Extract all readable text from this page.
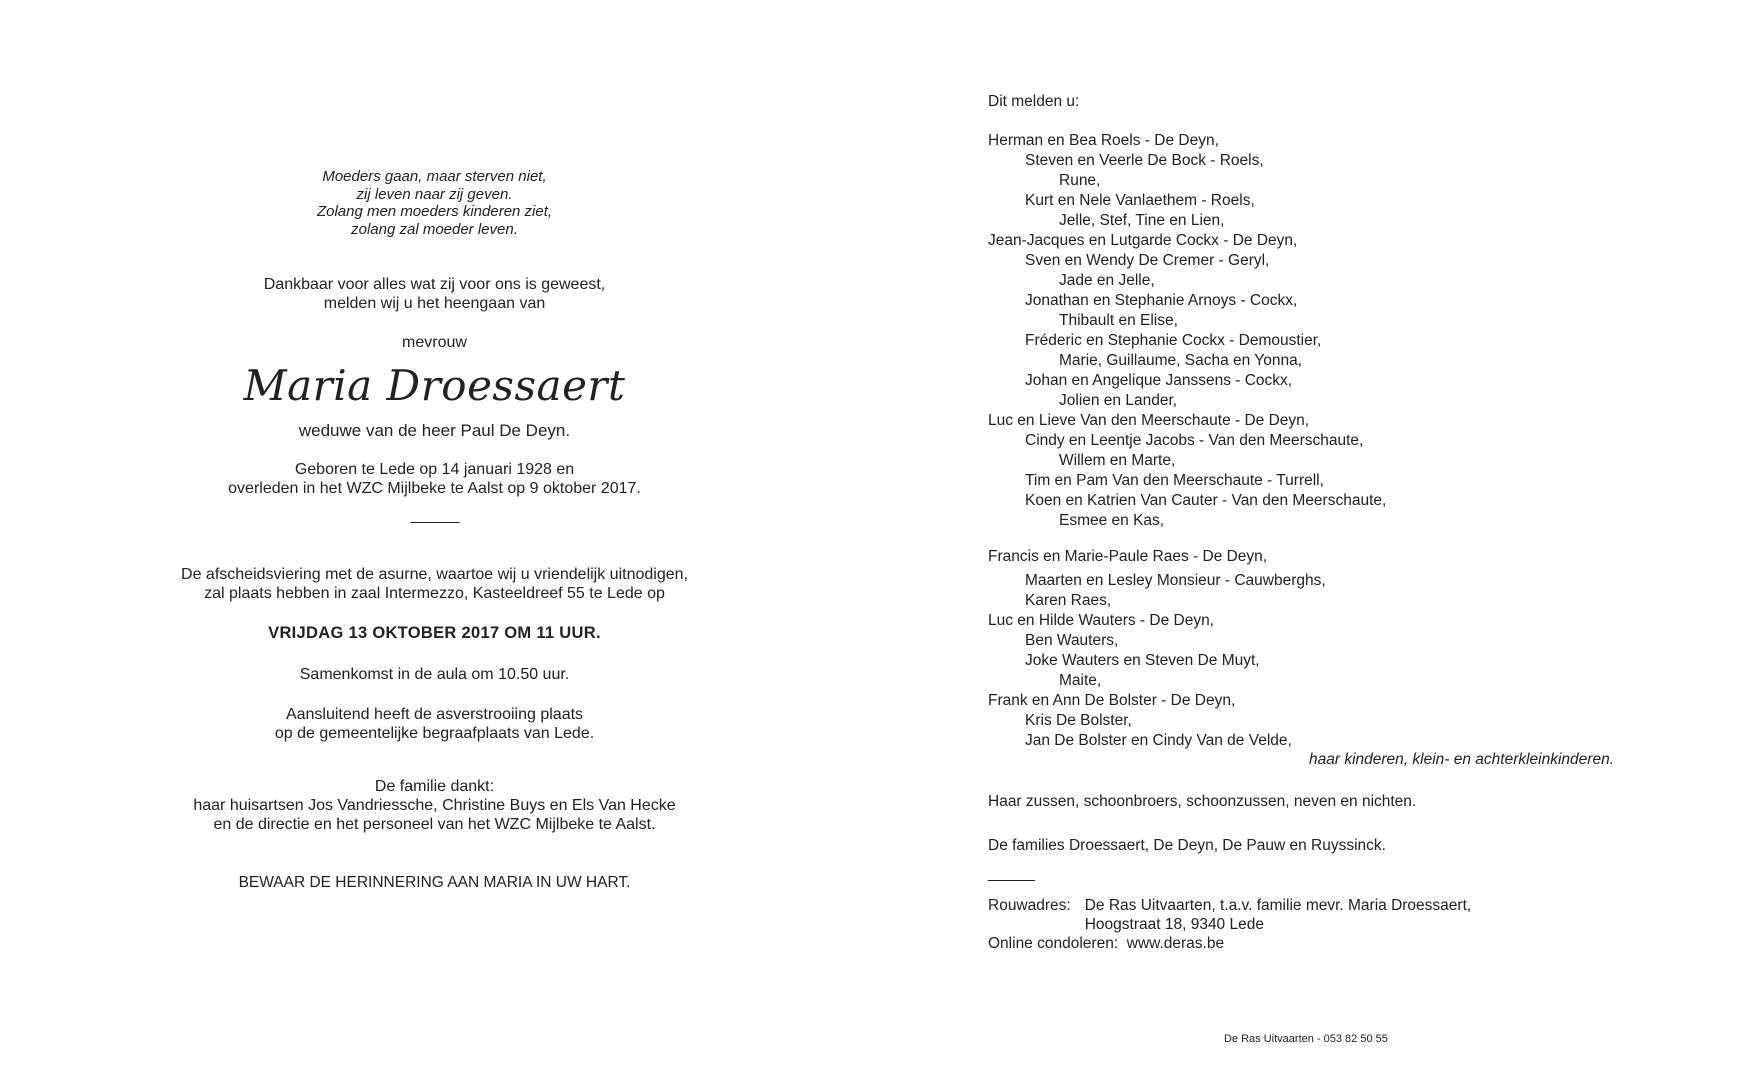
Moeders gaan, maar sterven niet,
zij leven naar zij geven.
Zolang men moeders kinderen ziet,
zolang zal moeder leven.
Dankbaar voor alles wat zij voor ons is geweest,
melden wij u het heengaan van
mevrouw
Maria Droessaert
weduwe van de heer Paul De Deyn.
Geboren te Lede op 14 januari 1928 en
overleden in het WZC Mijlbeke te Aalst op 9 oktober 2017.
______
De afscheidsviering met de asurne, waartoe wij u vriendelijk uitnodigen,
zal plaats hebben in zaal Intermezzo, Kasteeldreef 55 te Lede op
VRIJDAG 13 OKTOBER 2017 OM 11 UUR.
Samenkomst in de aula om 10.50 uur.
Aansluitend heeft de asverstrooiing plaats
op de gemeentelijke begraafplaats van Lede.
De familie dankt:
haar huisartsen Jos Vandriessche, Christine Buys en Els Van Hecke
en de directie en het personeel van het WZC Mijlbeke te Aalst.
BEWAAR DE HERINNERING AAN MARIA IN UW HART.
Dit melden u:
Herman en Bea Roels - De Deyn,
Steven en Veerle De Bock - Roels,
Rune,
Kurt en Nele Vanlaethem - Roels,
Jelle, Stef, Tine en Lien,
Jean-Jacques en Lutgarde Cockx - De Deyn,
Sven en Wendy De Cremer - Geryl,
Jade en Jelle,
Jonathan en Stephanie Arnoys - Cockx,
Thibault en Elise,
Fréderic en Stephanie Cockx - Demoustier,
Marie, Guillaume, Sacha en Yonna,
Johan en Angelique Janssens - Cockx,
Jolien en Lander,
Luc en Lieve Van den Meerschaute - De Deyn,
Cindy en Leentje Jacobs - Van den Meerschaute,
Willem en Marte,
Tim en Pam Van den Meerschaute - Turrell,
Koen en Katrien Van Cauter - Van den Meerschaute,
Esmee en Kas,
Francis en Marie-Paule Raes - De Deyn,
Maarten en Lesley Monsieur - Cauwberghs,
Karen Raes,
Luc en Hilde Wauters - De Deyn,
Ben Wauters,
Joke Wauters en Steven De Muyt,
Maite,
Frank en Ann De Bolster - De Deyn,
Kris De Bolster,
Jan De Bolster en Cindy Van de Velde,
haar kinderen, klein- en achterkleinkinderen.
Haar zussen, schoonbroers, schoonzussen, neven en nichten.
De families Droessaert, De Deyn, De Pauw en Ruyssinck.
______
Rouwadres:	De Ras Uitvaarten, t.a.v. familie mevr. Maria Droessaert,
	Hoogstraat 18, 9340 Lede
Online condoleren: www.deras.be
De Ras Uitvaarten - 053 82 50 55
